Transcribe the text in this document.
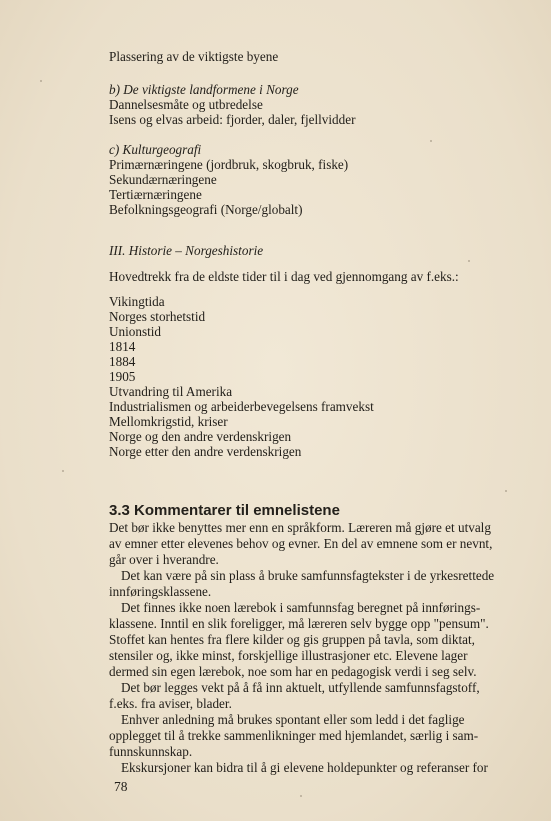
Plassering av de viktigste byene
b) De viktigste landformene i Norge
Dannelsesmåte og utbredelse
Isens og elvas arbeid: fjorder, daler, fjellvidder
c) Kulturgeografi
Primærnæringene (jordbruk, skogbruk, fiske)
Sekundærnæringene
Tertiærnæringene
Befolkningsgeografi (Norge/globalt)
III. Historie – Norgeshistorie
Hovedtrekk fra de eldste tider til i dag ved gjennomgang av f.eks.:
Vikingtida
Norges storhetstid
Unionstid
1814
1884
1905
Utvandring til Amerika
Industrialismen og arbeiderbevegelsens framvekst
Mellomkrigstid, kriser
Norge og den andre verdenskrigen
Norge etter den andre verdenskrigen
3.3 Kommentarer til emnelistene
Det bør ikke benyttes mer enn en språkform. Læreren må gjøre et utvalg
av emner etter elevenes behov og evner. En del av emnene som er nevnt,
går over i hverandre.
Det kan være på sin plass å bruke samfunnsfagtekster i de yrkesrettede
innføringsklassene.
Det finnes ikke noen lærebok i samfunnsfag beregnet på innførings-
klassene. Inntil en slik foreligger, må læreren selv bygge opp "pensum".
Stoffet kan hentes fra flere kilder og gis gruppen på tavla, som diktat,
stensiler og, ikke minst, forskjellige illustrasjoner etc. Elevene lager
dermed sin egen lærebok, noe som har en pedagogisk verdi i seg selv.
Det bør legges vekt på å få inn aktuelt, utfyllende samfunnsfagstoff,
f.eks. fra aviser, blader.
Enhver anledning må brukes spontant eller som ledd i det faglige
opplegget til å trekke sammenlikninger med hjemlandet, særlig i sam-
funnskunnskap.
Ekskursjoner kan bidra til å gi elevene holdepunkter og referanser for
78
